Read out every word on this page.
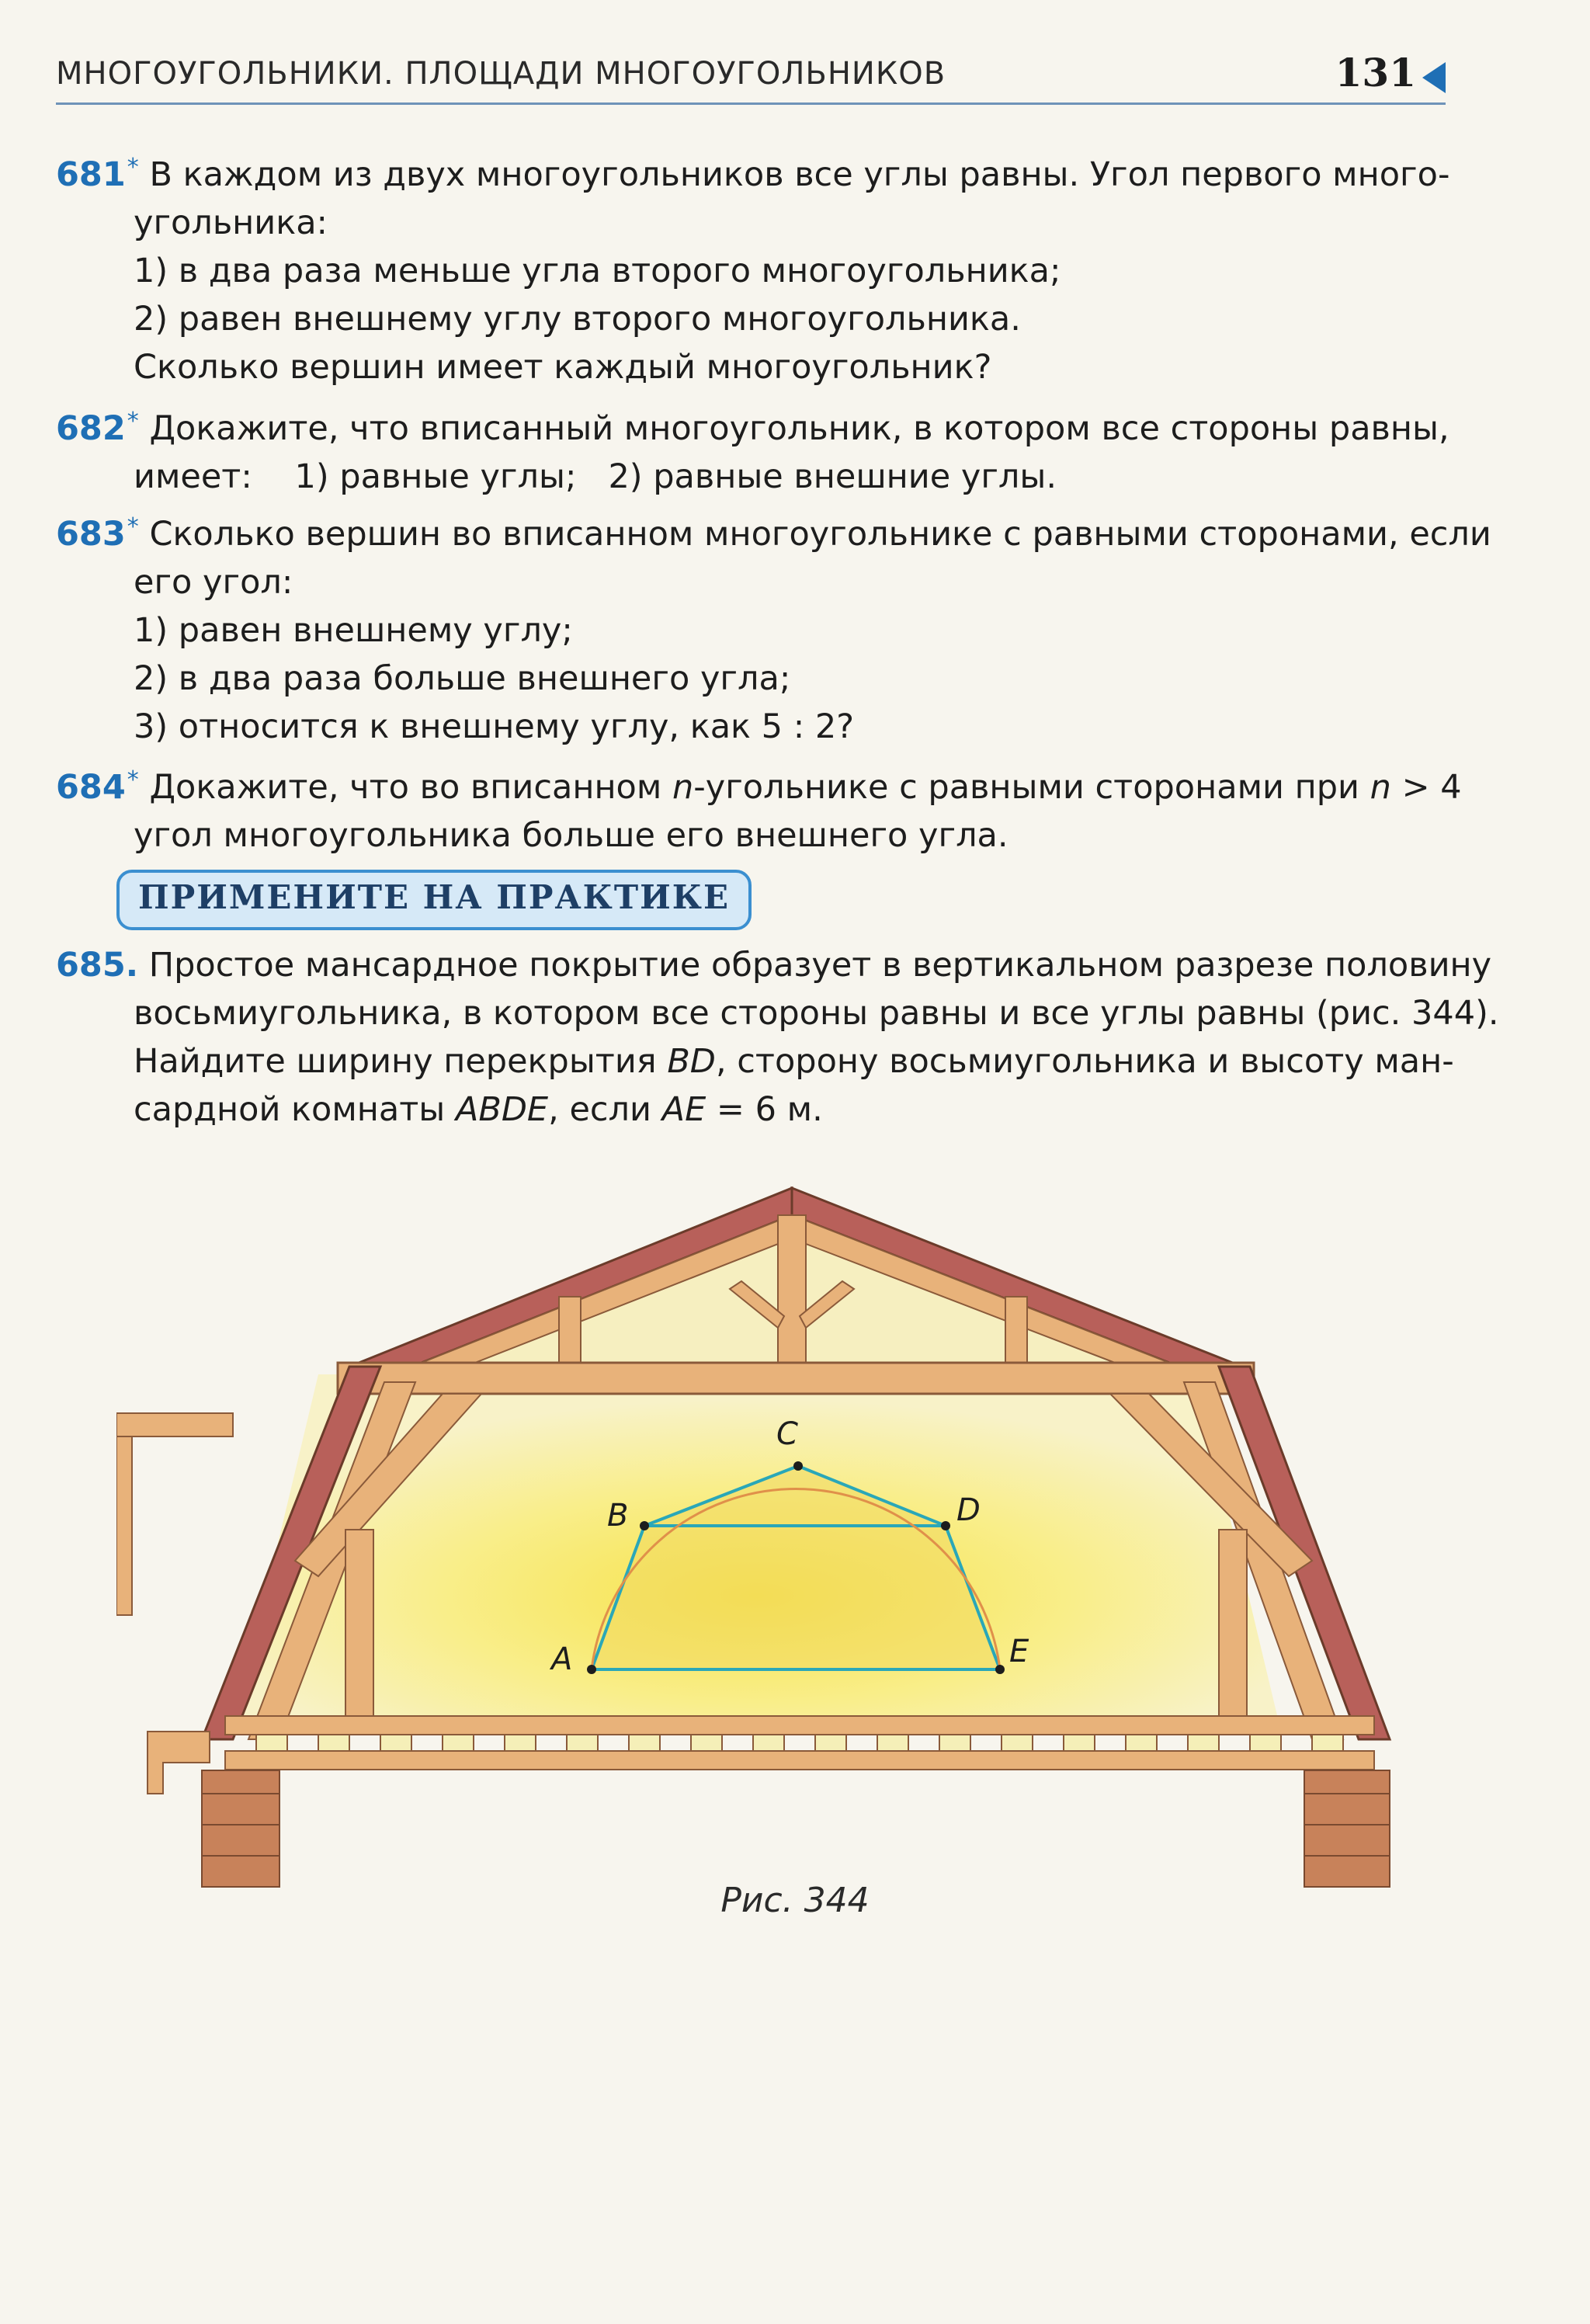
МНОГОУГОЛЬНИКИ. ПЛОЩАДИ МНОГОУГОЛЬНИКОВ	131
681* В каждом из двух многоугольников все углы равны. Угол первого много-
угольника:
1) в два раза меньше угла второго многоугольника;
2) равен внешнему углу второго многоугольника.
Сколько вершин имеет каждый многоугольник?
682* Докажите, что вписанный многоугольник, в котором все стороны равны,
имеет:    1) равные углы;   2) равные внешние углы.
683* Сколько вершин во вписанном многоугольнике с равными сторонами, если
его угол:
1) равен внешнему углу;
2) в два раза больше внешнего угла;
3) относится к внешнему углу, как 5 : 2?
684* Докажите, что во вписанном n-угольнике с равными сторонами при n > 4
угол многоугольника больше его внешнего угла.
ПРИМЕНИТЕ НА ПРАКТИКЕ
685. Простое мансардное покрытие образует в вертикальном разрезе половину
восьмиугольника, в котором все стороны равны и все углы равны (рис. 344).
Найдите ширину перекрытия BD, сторону восьмиугольника и высоту ман-
сардной комнаты ABDE, если AE = 6 м.
A
B
C
D
E
Рис. 344
